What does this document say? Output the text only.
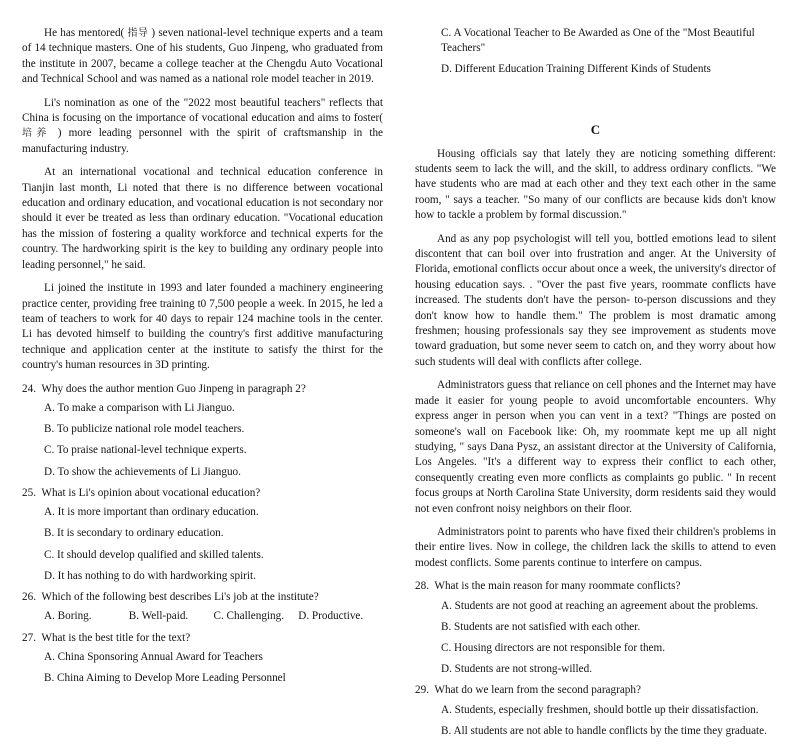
He has mentored( 指导 ) seven national-level technique experts and a team of 14 technique masters. One of his students, Guo Jinpeng, who graduated from the institute in 2007, became a college teacher at the Chengdu Auto Vocational and Technical School and was named as a national role model teacher in 2019.

Li's nomination as one of the "2022 most beautiful teachers" reflects that China is focusing on the importance of vocational education and aims to foster( 培养 ) more leading personnel with the spirit of craftsmanship in the manufacturing industry.

At an international vocational and technical education conference in Tianjin last month, Li noted that there is no difference between vocational education and ordinary education, and vocational education is not secondary nor should it ever be treated as less than ordinary education. "Vocational education has the mission of fostering a quality workforce and technical experts for the country. The hardworking spirit is the key to building any ordinary people into leading personnel," he said.

Li joined the institute in 1993 and later founded a machinery engineering practice center, providing free training t0 7,500 people a week. In 2015, he led a team of teachers to work for 40 days to repair 124 machine tools in the center. Li has devoted himself to building the country's first additive manufacturing technique and application center at the institute to satisfy the thirst for the country's human resources in 3D printing.

24. Why does the author mention Guo Jinpeng in paragraph 2?
A. To make a comparison with Li Jianguo.
B. To publicize national role model teachers.
C. To praise national-level technique experts.
D. To show the achievements of Li Jianguo.
25. What is Li's opinion about vocational education?
A. It is more important than ordinary education.
B. It is secondary to ordinary education.
C. It should develop qualified and skilled talents.
D. It has nothing to do with hardworking spirit.
26. Which of the following best describes Li's job at the institute?
A. Boring.	B. Well-paid.	C. Challenging.	D. Productive.
27. What is the best title for the text?
A. China Sponsoring Annual Award for Teachers
B. China Aiming to Develop More Leading Personnel
C. A Vocational Teacher to Be Awarded as One of the "Most Beautiful Teachers"
D. Different Education Training Different Kinds of Students
C

Housing officials say that lately they are noticing something different: students seem to lack the will, and the skill, to address ordinary conflicts. "We have students who are mad at each other and they text each other in the same room, " says a teacher. "So many of our conflicts are because kids don't know how to tackle a problem by formal discussion."

And as any pop psychologist will tell you, bottled emotions lead to silent discontent that can boil over into frustration and anger. At the University of Florida, emotional conflicts occur about once a week, the university's director of housing education says. . "Over the past five years, roommate conflicts have increased. The students don't have the person- to-person discussions and they don't know how to handle them." The problem is most dramatic among freshmen; housing professionals say they see improvement as students move toward graduation, but some never seem to catch on, and they worry about how such students will deal with conflicts after college.

Administrators guess that reliance on cell phones and the Internet may have made it easier for young people to avoid uncomfortable encounters. Why express anger in person when you can vent in a text? "Things are posted on someone's wall on Facebook like: Oh, my roommate kept me up all night studying, " says Dana Pysz, an assistant director at the University of California, Los Angeles. "It's a different way to express their conflict to each other, consequently creating even more conflicts as complaints go public. " In recent focus groups at North Carolina State University, dorm residents said they would not even confront noisy neighbors on their floor.

Administrators point to parents who have fixed their children's problems in their entire lives. Now in college, the children lack the skills to attend to even modest conflicts. Some parents continue to interfere on campus.

28. What is the main reason for many roommate conflicts?
A. Students are not good at reaching an agreement about the problems.
B. Students are not satisfied with each other.
C. Housing directors are not responsible for them.
D. Students are not strong-willed.
29. What do we learn from the second paragraph?
A. Students, especially freshmen, should bottle up their dissatisfaction.
B. All students are not able to handle conflicts by the time they graduate.
